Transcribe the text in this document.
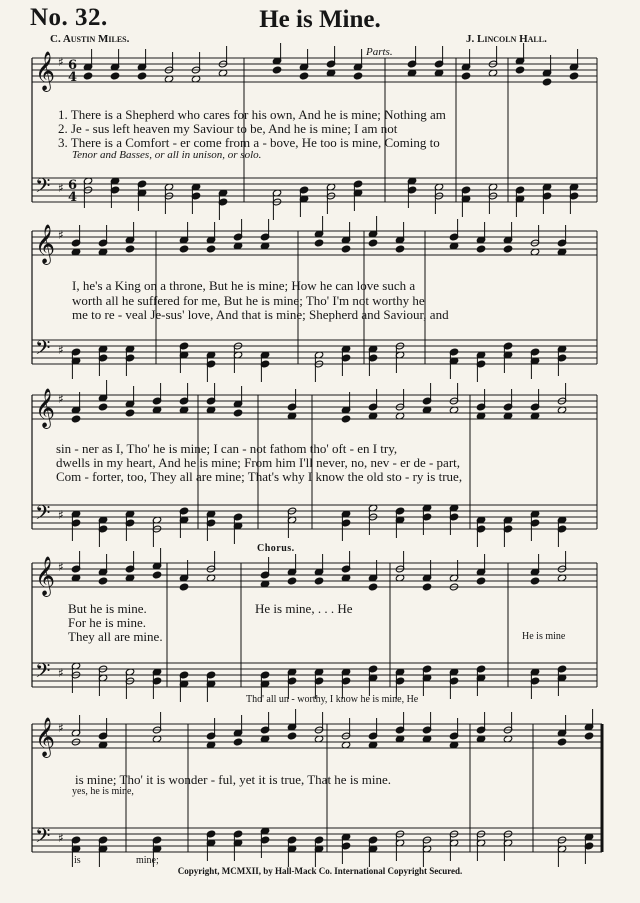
No. 32.	He is Mine.
C. Austin Miles.	J. Lincoln Hall.
𝄞 ♯ 6
4
𝄢 ♯ 6
4
𝄞 ♯
𝄢 ♯
𝄞 ♯
𝄢 ♯
𝄞 ♯
𝄢 ♯
𝄞 ♯
𝄢 ♯
Parts.
1. There is a Shepherd who cares for his own, And he is mine; Nothing am
2. Je - sus left heaven my Saviour to be, And he is mine; I am not
3. There is a Comfort - er come from a - bove, He too is mine, Coming to
Tenor and Basses, or all in unison, or solo.
I, he's a King on a throne, But he is mine; How he can love such a
worth all he suffered for me, But he is mine; Tho' I'm not worthy he
me to re - veal Je-sus' love, And that is mine; Shepherd and Saviour, and
sin - ner as I, Tho' he is mine; I can - not fathom tho' oft - en I try,
dwells in my heart, And he is mine; From him I'll never, no, nev - er de - part,
Com - forter, too, They all are mine; That's why I know the old sto - ry is true,
Chorus.
But he is mine.
For he is mine.
They all are mine.
He is mine, . . . He
He is mine
Tho' all un - worthy, I know he is mine, He
is mine; Tho' it is wonder - ful, yet it is true, That he is mine.
yes, he is mine,
is	mine;
Copyright, MCMXII, by Hall-Mack Co. International Copyright Secured.
